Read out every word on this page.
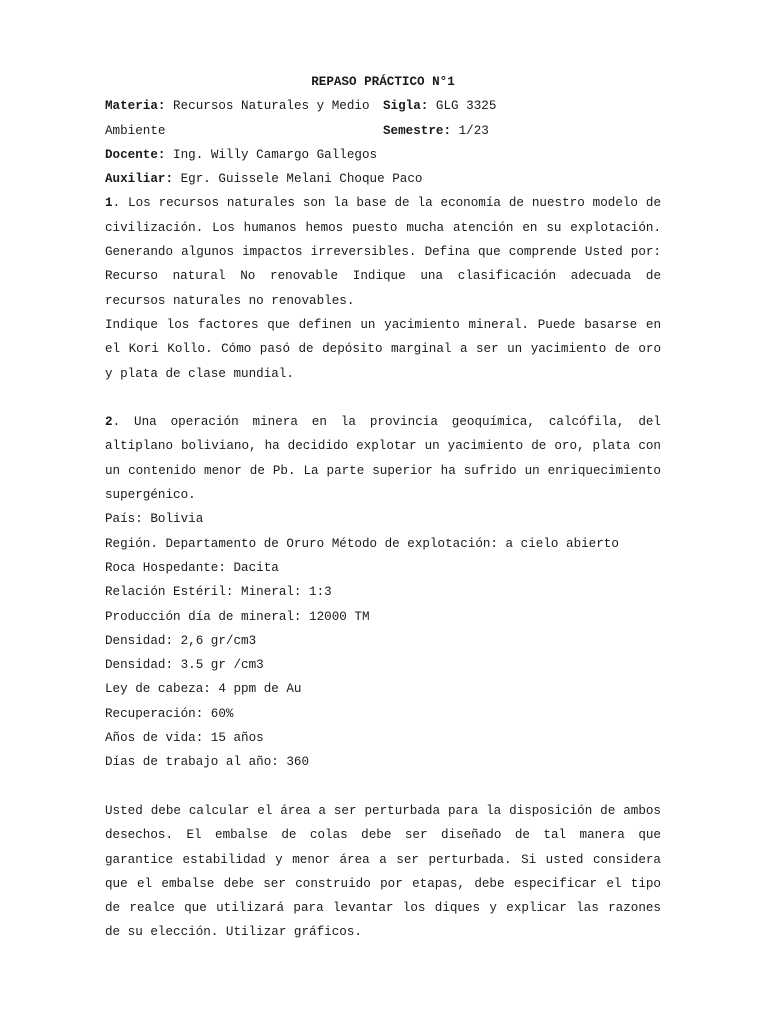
REPASO PRÁCTICO N°1
Materia: Recursos Naturales y Medio Sigla: GLG 3325
Ambiente	Semestre: 1/23
Docente: Ing. Willy Camargo Gallegos
Auxiliar: Egr. Guissele Melani Choque Paco
1. Los recursos naturales son la base de la economía de nuestro modelo de civilización. Los humanos hemos puesto mucha atención en su explotación. Generando algunos impactos irreversibles. Defina que comprende Usted por: Recurso natural No renovable Indique una clasificación adecuada de recursos naturales no renovables.
Indique los factores que definen un yacimiento mineral. Puede basarse en el Kori Kollo. Cómo pasó de depósito marginal a ser un yacimiento de oro y plata de clase mundial.
2. Una operación minera en la provincia geoquímica, calcófila, del altiplano boliviano, ha decidido explotar un yacimiento de oro, plata con un contenido menor de Pb. La parte superior ha sufrido un enriquecimiento supergénico.
País: Bolivia
Región. Departamento de Oruro Método de explotación: a cielo abierto
Roca Hospedante: Dacita
Relación Estéril: Mineral: 1:3
Producción día de mineral: 12000 TM
Densidad: 2,6 gr/cm3
Densidad: 3.5 gr /cm3
Ley de cabeza: 4 ppm de Au
Recuperación: 60%
Años de vida: 15 años
Días de trabajo al año: 360
Usted debe calcular el área a ser perturbada para la disposición de ambos desechos. El embalse de colas debe ser diseñado de tal manera que garantice estabilidad y menor área a ser perturbada. Si usted considera que el embalse debe ser construido por etapas, debe especificar el tipo de realce que utilizará para levantar los diques y explicar las razones de su elección. Utilizar gráficos.
